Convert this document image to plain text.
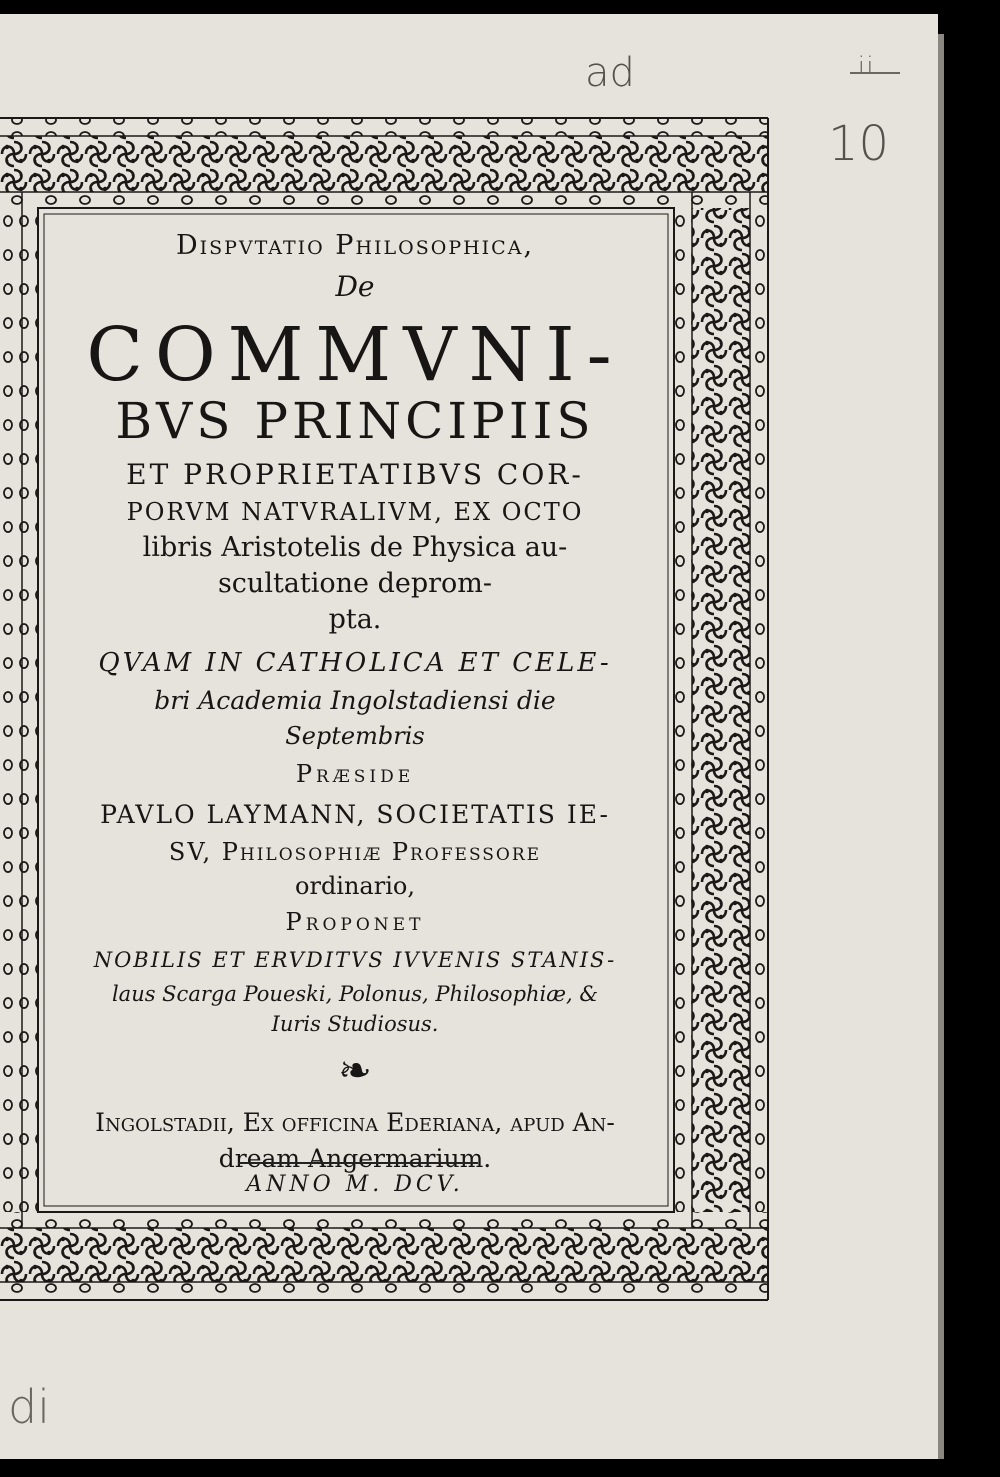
ad	ii
10
di
Dispvtatio Philosophica,
De
COMMVNI-
BVS PRINCIPIIS
ET PROPRIETATIBVS COR-
PORVM NATVRALIVM, EX OCTO
libris Aristotelis de Physica au-
scultatione deprom-
pta.
QVAM IN CATHOLICA ET CELE-
bri Academia Ingolstadiensi die
Septembris
Præside
PAVLO LAYMANN, SOCIETATIS IE-
SV, Philosophiæ Professore
ordinario,
Proponet
NOBILIS ET ERVDITVS IVVENIS STANIS-
laus Scarga Poueski, Polonus, Philosophiæ, &
Iuris Studiosus.
❧
Ingolstadii, Ex officina Ederiana, apud An-
dream Angermarium.
ANNO M. DCV.
